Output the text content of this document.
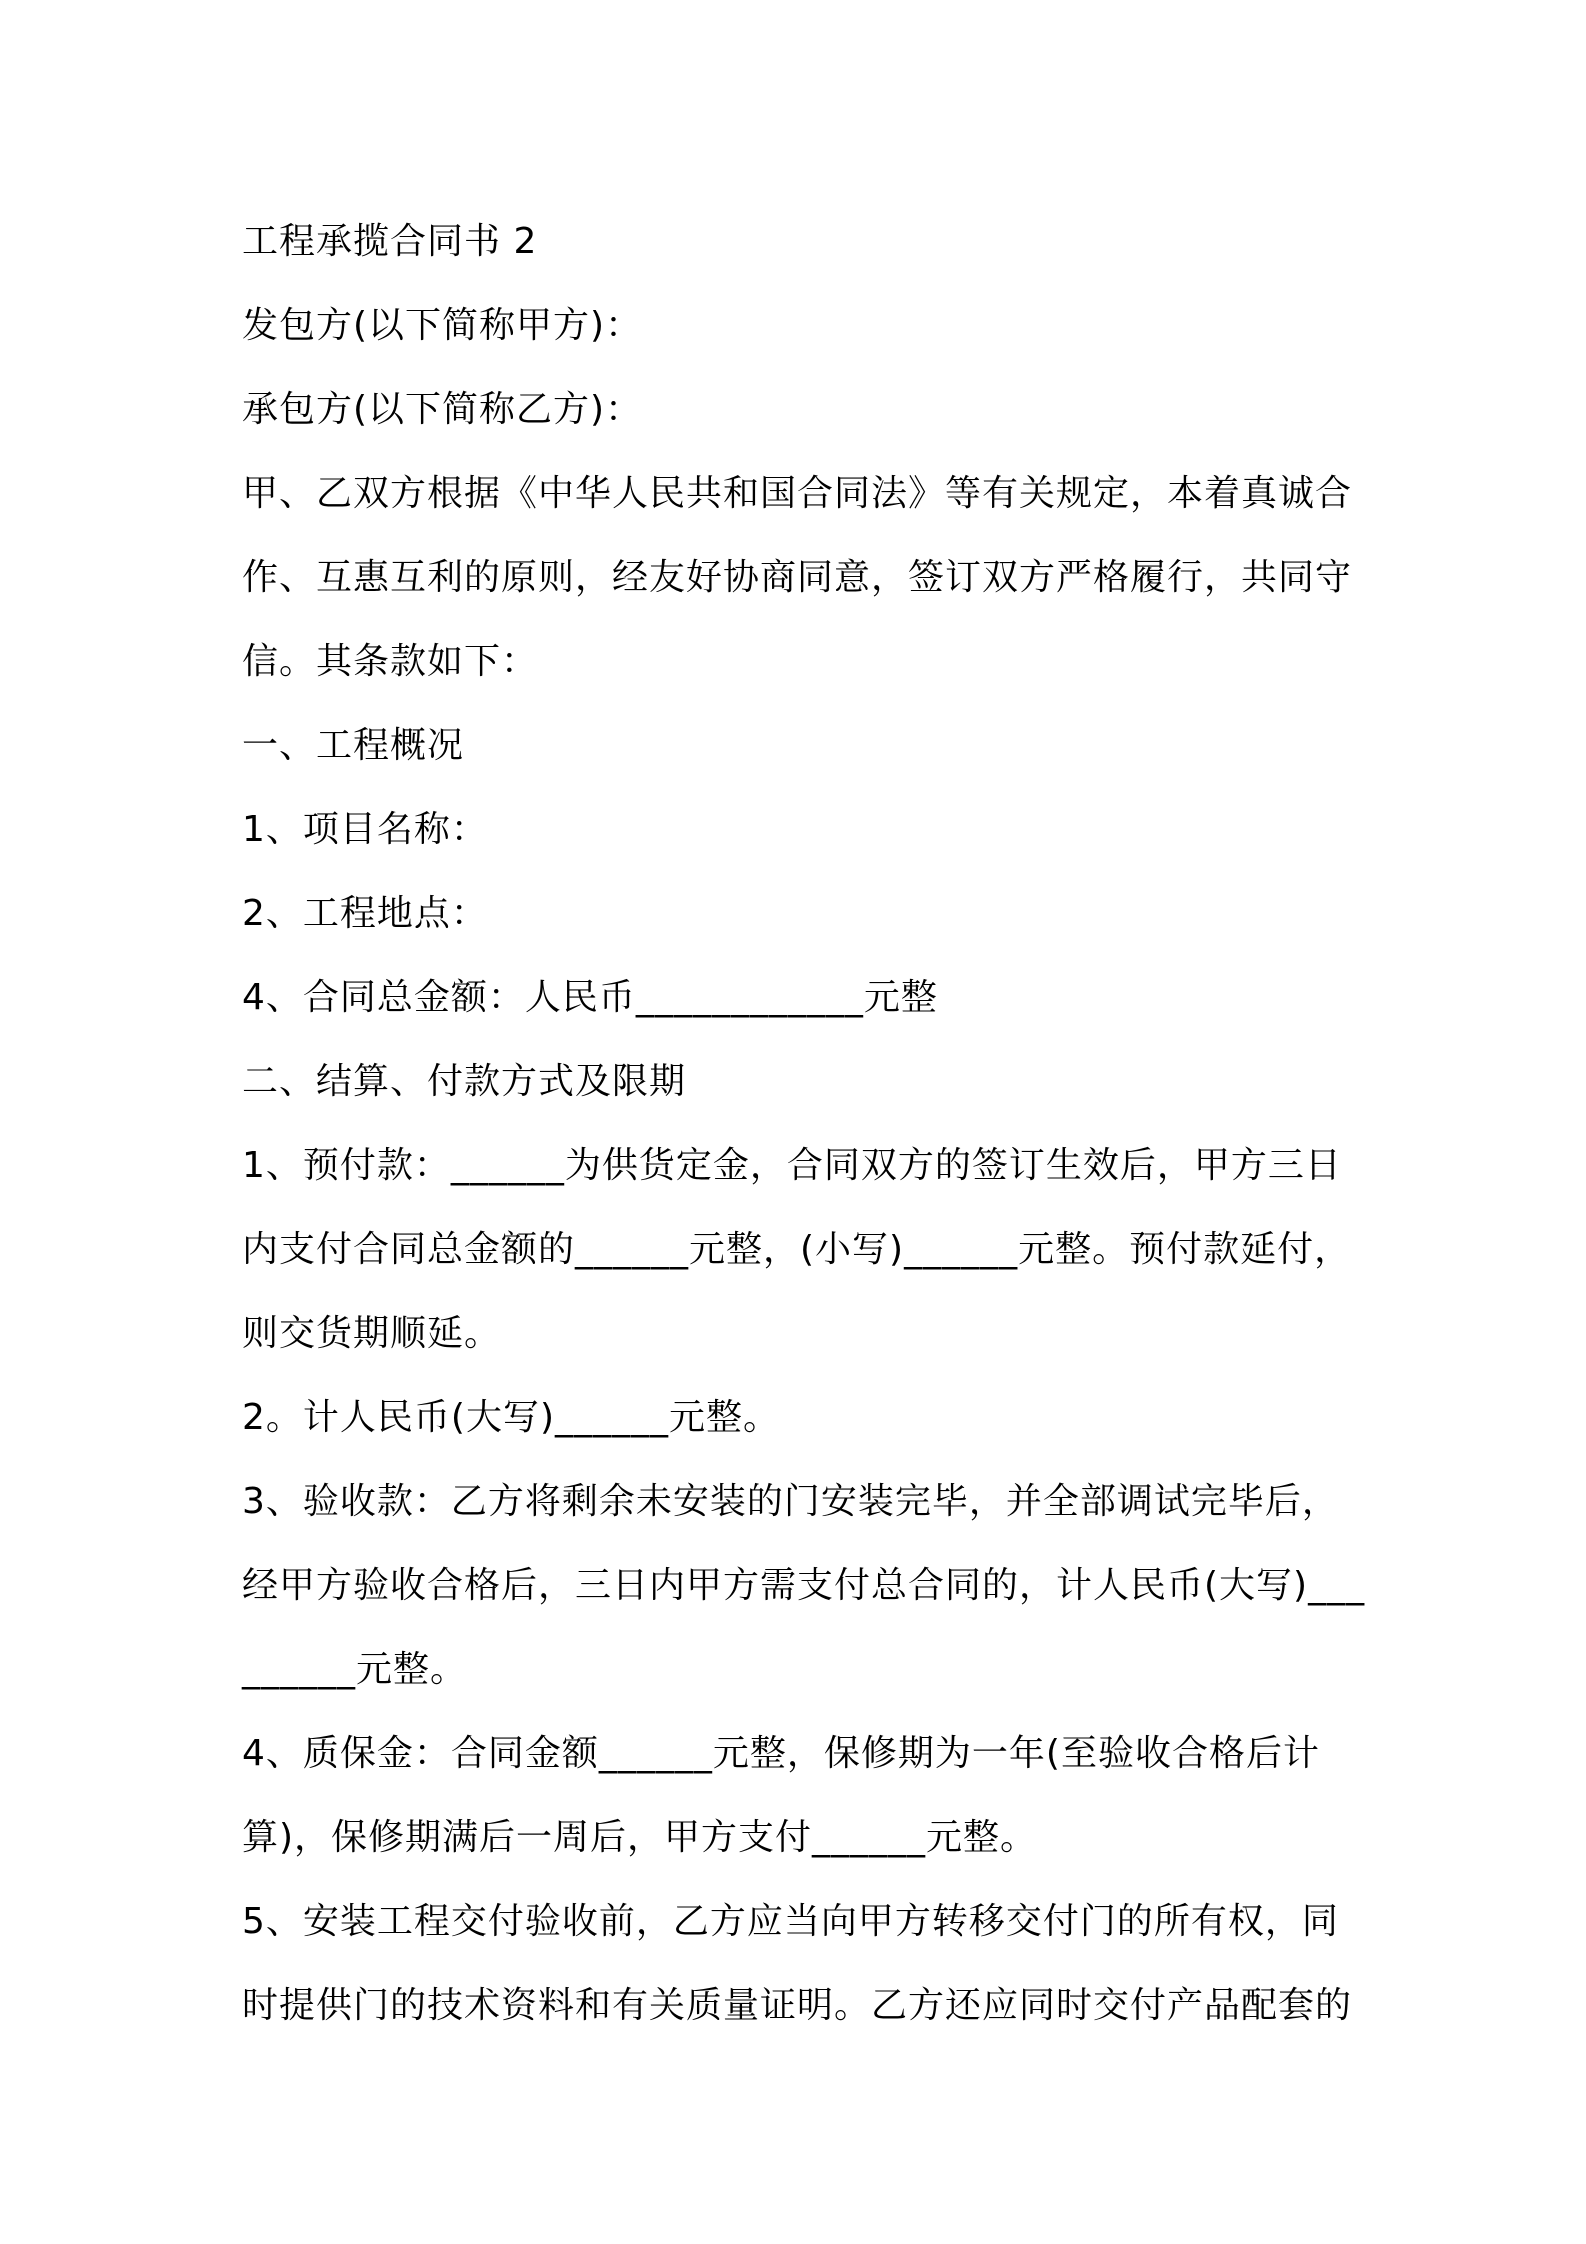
工程承揽合同书 2

发包方(以下简称甲方)：

承包方(以下简称乙方)：

甲、乙双方根据《中华人民共和国合同法》等有关规定，本着真诚合作、互惠互利的原则，经友好协商同意，签订双方严格履行，共同守信。其条款如下：

一、工程概况

1、项目名称：

2、工程地点：

4、合同总金额：人民币____________元整

二、结算、付款方式及限期

1、预付款：______为供货定金，合同双方的签订生效后，甲方三日内支付合同总金额的______元整，(小写)______元整。预付款延付，则交货期顺延。

2。计人民币(大写)______元整。

3、验收款：乙方将剩余未安装的门安装完毕，并全部调试完毕后，经甲方验收合格后，三日内甲方需支付总合同的，计人民币(大写)_________元整。

4、质保金：合同金额______元整，保修期为一年(至验收合格后计算)，保修期满后一周后，甲方支付______元整。

5、安装工程交付验收前，乙方应当向甲方转移交付门的所有权，同时提供门的技术资料和有关质量证明。乙方还应同时交付产品配套的
